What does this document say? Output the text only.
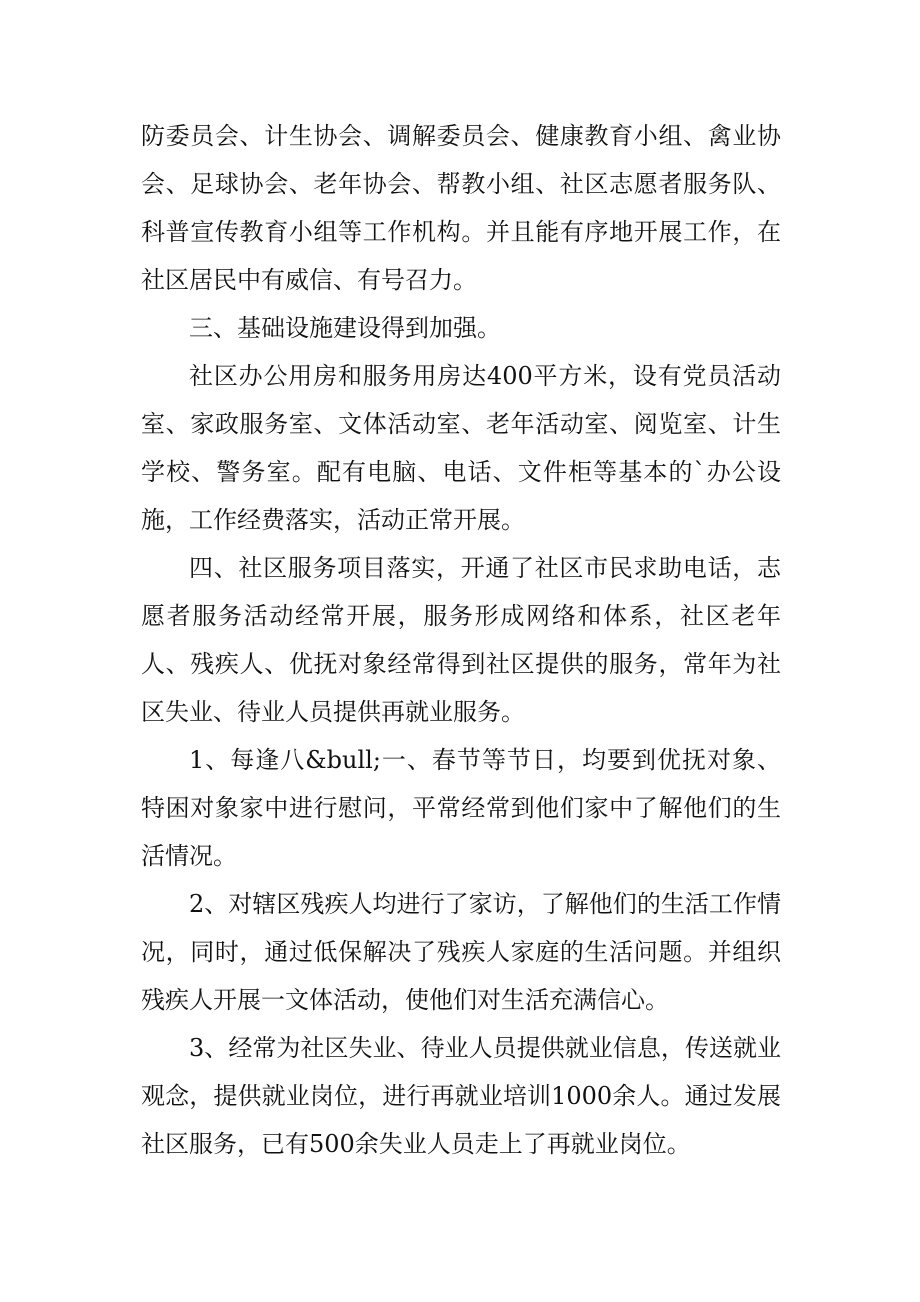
防委员会、计生协会、调解委员会、健康教育小组、禽业协会、足球协会、老年协会、帮教小组、社区志愿者服务队、科普宣传教育小组等工作机构。并且能有序地开展工作，在社区居民中有威信、有号召力。

三、基础设施建设得到加强。

社区办公用房和服务用房达400平方米，设有党员活动室、家政服务室、文体活动室、老年活动室、阅览室、计生学校、警务室。配有电脑、电话、文件柜等基本的`办公设施，工作经费落实，活动正常开展。

四、社区服务项目落实，开通了社区市民求助电话，志愿者服务活动经常开展，服务形成网络和体系，社区老年人、残疾人、优抚对象经常得到社区提供的服务，常年为社区失业、待业人员提供再就业服务。

1、每逢八&bull;一、春节等节日，均要到优抚对象、特困对象家中进行慰问，平常经常到他们家中了解他们的生活情况。

2、对辖区残疾人均进行了家访，了解他们的生活工作情况，同时，通过低保解决了残疾人家庭的生活问题。并组织残疾人开展一文体活动，使他们对生活充满信心。

3、经常为社区失业、待业人员提供就业信息，传送就业观念，提供就业岗位，进行再就业培训1000余人。通过发展社区服务，已有500余失业人员走上了再就业岗位。
